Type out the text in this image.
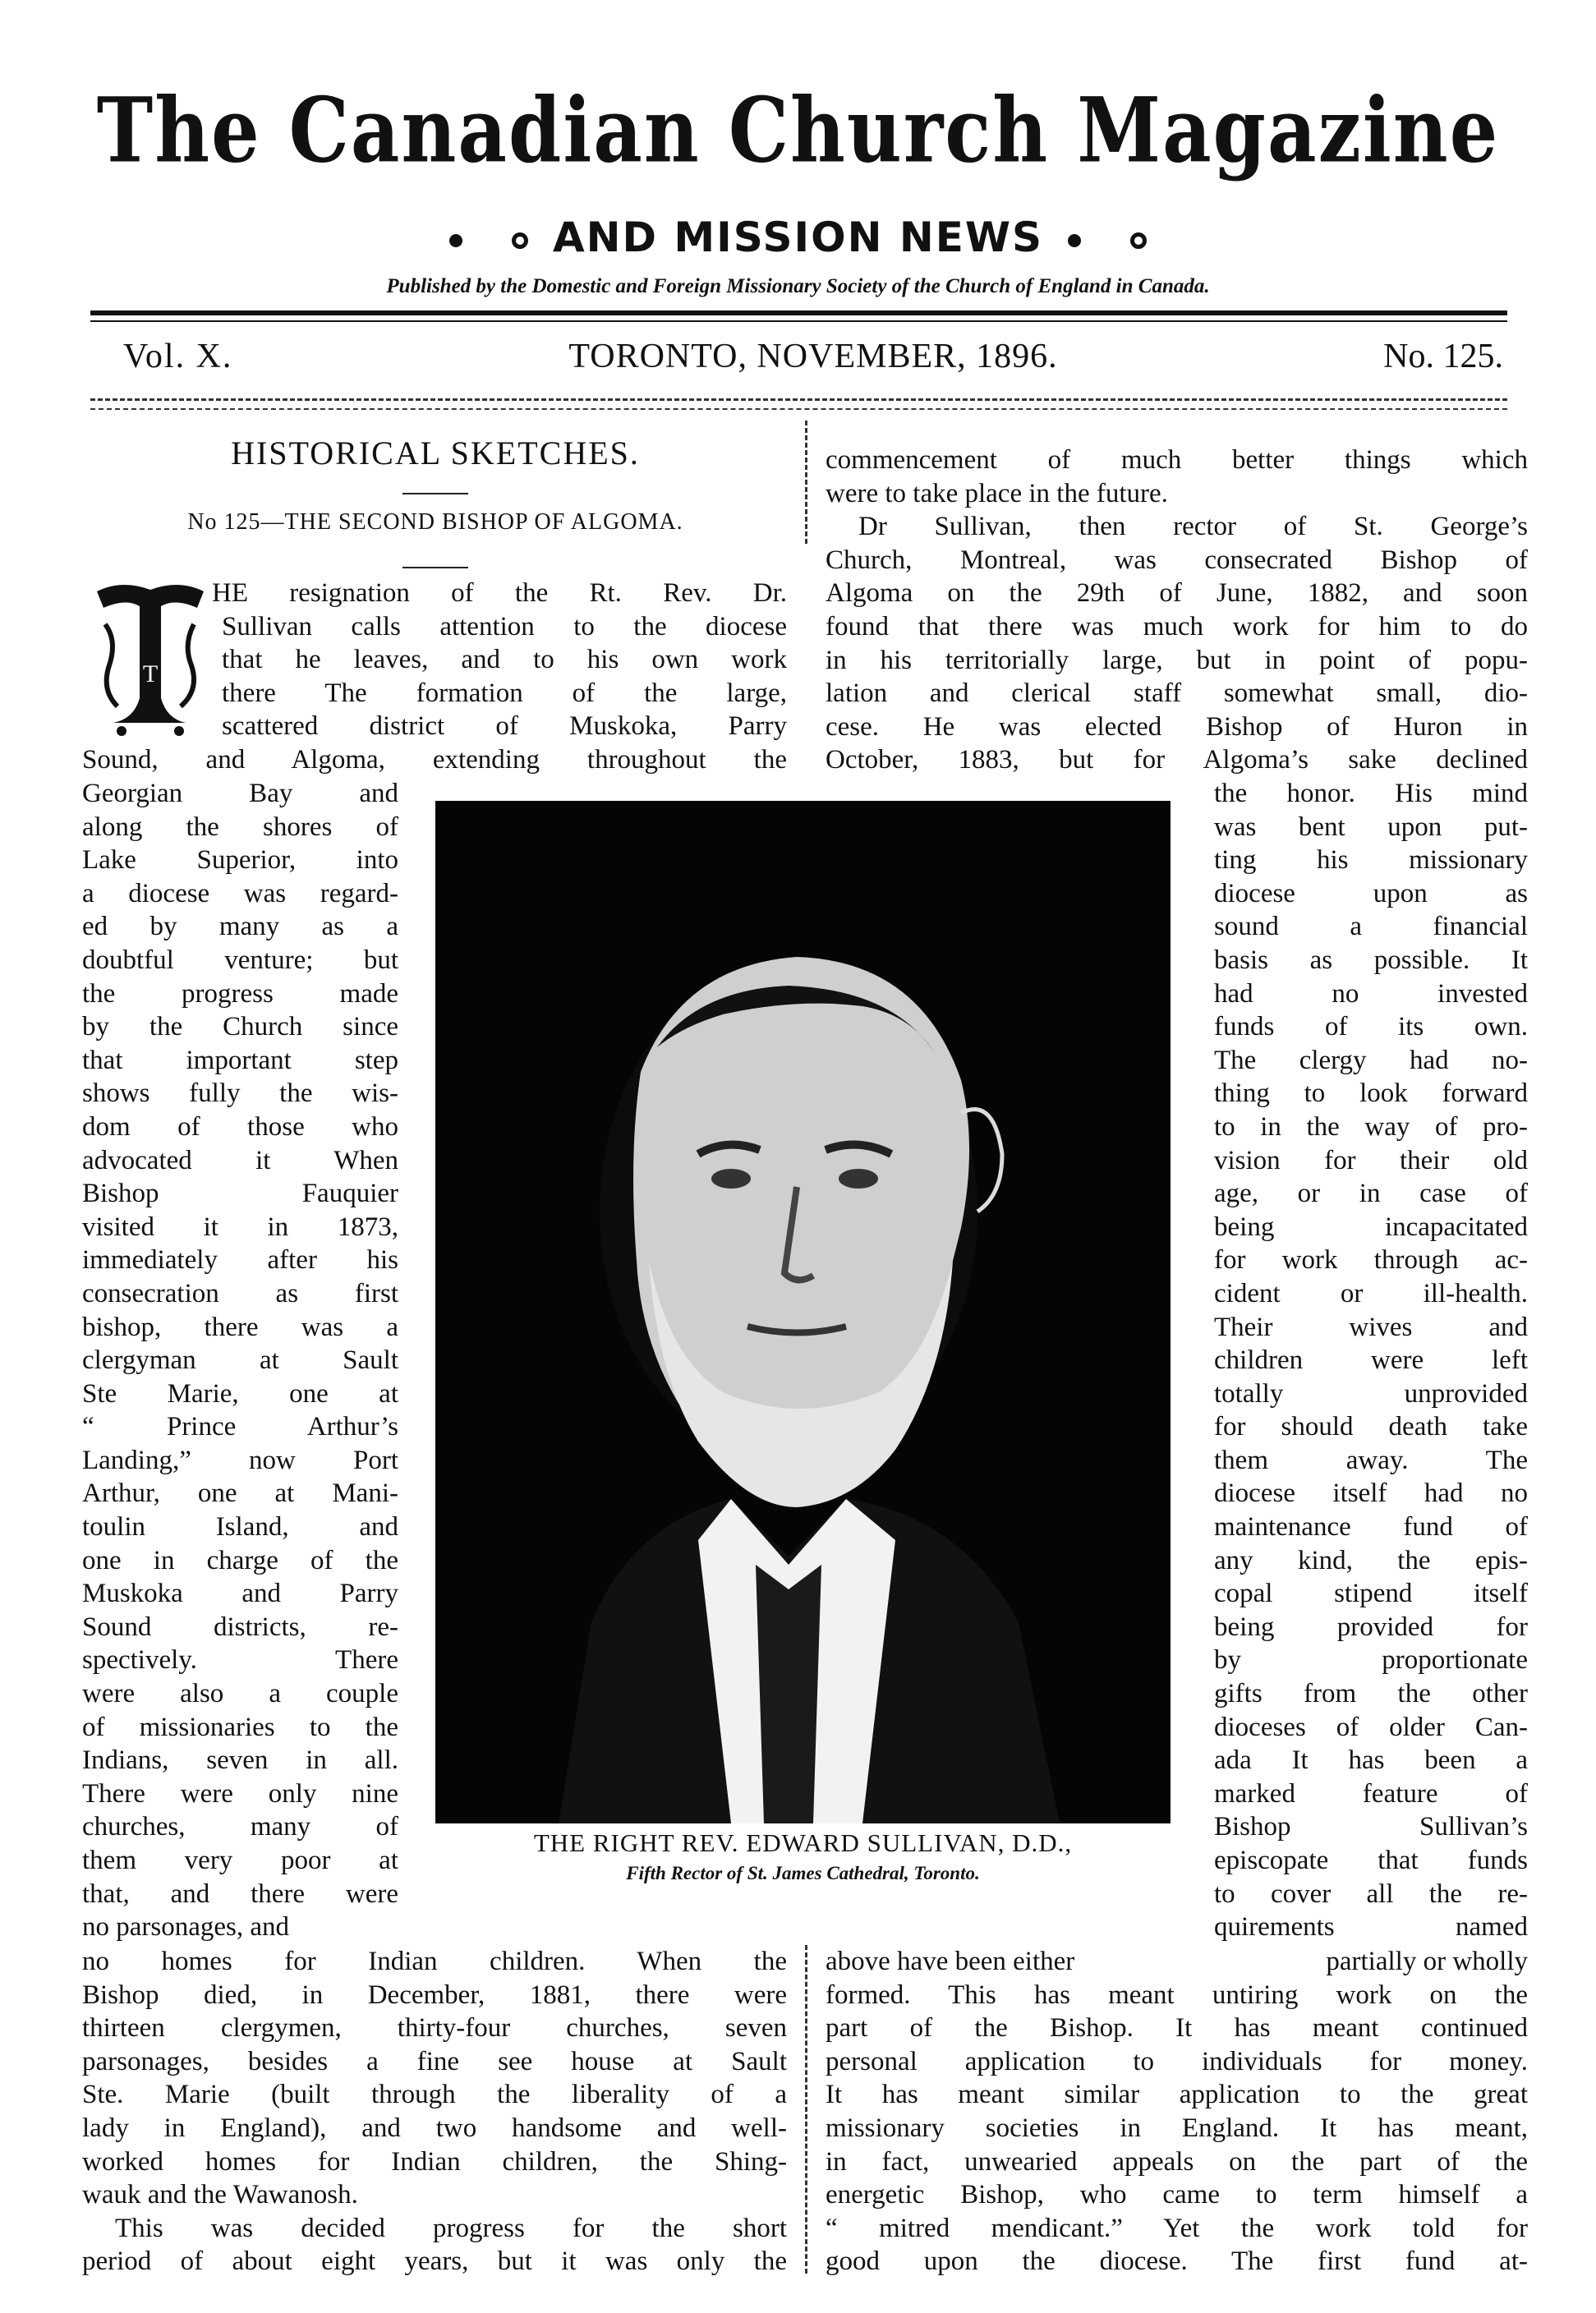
The Canadian Church Magazine
AND MISSION NEWS
Published by the Domestic and Foreign Missionary Society of the Church of England in Canada.
Vol. X.	TORONTO, NOVEMBER, 1896.	No. 125.
HISTORICAL SKETCHES.
No 125—THE SECOND BISHOP OF ALGOMA.
T
HE resignation of the Rt. Rev. Dr.
Sullivan calls attention to the diocese
that he leaves, and to his own work
there The formation of the large,
scattered district of Muskoka, Parry
Sound, and Algoma, extending throughout the
Georgian Bay and
along the shores of
Lake Superior, into
a diocese was regard-
ed by many as a
doubtful venture; but
the progress made
by the Church since
that important step
shows fully the wis-
dom of those who
advocated it When
Bishop Fauquier
visited it in 1873,
immediately after his
consecration as first
bishop, there was a
clergyman at Sault
Ste Marie, one at
“ Prince Arthur’s
Landing,” now Port
Arthur, one at Mani-
toulin Island, and
one in charge of the
Muskoka and Parry
Sound districts, re-
spectively. There
were also a couple
of missionaries to the
Indians, seven in all.
There were only nine
churches, many of
them very poor at
that, and there were
no parsonages, and
no homes for Indian children. When the
Bishop died, in December, 1881, there were
thirteen clergymen, thirty-four churches, seven
parsonages, besides a fine see house at Sault
Ste. Marie (built through the liberality of a
lady in England), and two handsome and well-
worked homes for Indian children, the Shing-
wauk and the Wawanosh.
This was decided progress for the short
period of about eight years, but it was only the
commencement of much better things which
were to take place in the future.
Dr Sullivan, then rector of St. George’s
Church, Montreal, was consecrated Bishop of
Algoma on the 29th of June, 1882, and soon
found that there was much work for him to do
in his territorially large, but in point of popu-
lation and clerical staff somewhat small, dio-
cese. He was elected Bishop of Huron in
October, 1883, but for Algoma’s sake declined
the honor. His mind
was bent upon put-
ting his missionary
diocese upon as
sound a financial
basis as possible. It
had no invested
funds of its own.
The clergy had no-
thing to look forward
to in the way of pro-
vision for their old
age, or in case of
being incapacitated
for work through ac-
cident or ill-health.
Their wives and
children were left
totally unprovided
for should death take
them away. The
diocese itself had no
maintenance fund of
any kind, the epis-
copal stipend itself
being provided for
by proportionate
gifts from the other
dioceses of older Can-
ada It has been a
marked feature of
Bishop Sullivan’s
episcopate that funds
to cover all the re-
quirements named
above have been either	partially or wholly
formed. This has meant untiring work on the
part of the Bishop. It has meant continued
personal application to individuals for money.
It has meant similar application to the great
missionary societies in England. It has meant,
in fact, unwearied appeals on the part of the
energetic Bishop, who came to term himself a
“ mitred mendicant.” Yet the work told for
good upon the diocese. The first fund at-
THE RIGHT REV. EDWARD SULLIVAN, D.D.,
Fifth Rector of St. James Cathedral, Toronto.
